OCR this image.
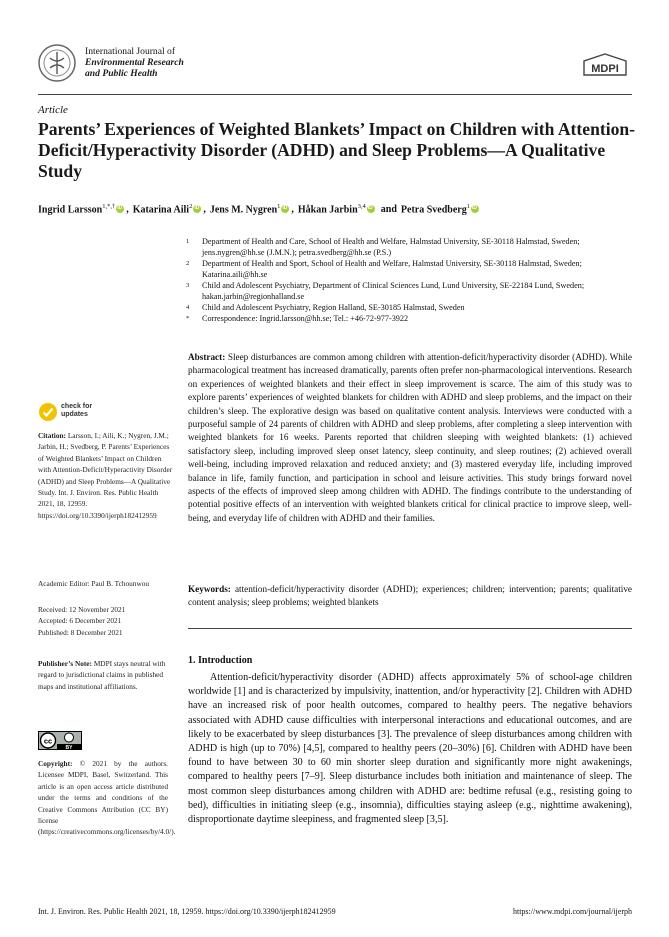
International Journal of
Environmental Research
and Public Health	MDPI
Article
Parents’ Experiences of Weighted Blankets’ Impact on Children with Attention-Deficit/Hyperactivity Disorder (ADHD) and Sleep Problems—A Qualitative Study
Ingrid Larsson$^{1,*,\dagger}$ iD , Katarina Aili$^2$ iD , Jens M. Nygren$^1$ iD , Håkan Jarbin$^{3,4}$ iD and Petra Svedberg$^1$iD
1	Department of Health and Care, School of Health and Welfare, Halmstad University, SE-30118 Halmstad, Sweden; jens.nygren@hh.se (J.M.N.); petra.svedberg@hh.se (P.S.)
2	Department of Health and Sport, School of Health and Welfare, Halmstad University, SE-30118 Halmstad, Sweden; Katarina.aili@hh.se
3	Child and Adolescent Psychiatry, Department of Clinical Sciences Lund, Lund University, SE-22184 Lund, Sweden; hakan.jarbin@regionhalland.se
4	Child and Adolescent Psychiatry, Region Halland, SE-30185 Halmstad, Sweden
*	Correspondence: Ingrid.larsson@hh.se; Tel.: +46-72-977-3922
Abstract: Sleep disturbances are common among children with attention-deficit/hyperactivity disorder (ADHD). While pharmacological treatment has increased dramatically, parents often prefer non-pharmacological interventions. Research on experiences of weighted blankets and their effect in sleep improvement is scarce. The aim of this study was to explore parents’ experiences of weighted blankets for children with ADHD and sleep problems, and the impact on their children’s sleep. The explorative design was based on qualitative content analysis. Interviews were conducted with a purposeful sample of 24 parents of children with ADHD and sleep problems, after completing a sleep intervention with weighted blankets for 16 weeks. Parents reported that children sleeping with weighted blankets: (1) achieved satisfactory sleep, including improved sleep onset latency, sleep continuity, and sleep routines; (2) achieved overall well-being, including improved relaxation and reduced anxiety; and (3) mastered everyday life, including improved balance in life, family function, and participation in school and leisure activities. This study brings forward novel aspects of the effects of improved sleep among children with ADHD. The findings contribute to the understanding of potential positive effects of an intervention with weighted blankets critical for clinical practice to improve sleep, well-being, and everyday life of children with ADHD and their families.
Keywords: attention-deficit/hyperactivity disorder (ADHD); experiences; children; intervention; parents; qualitative content analysis; sleep problems; weighted blankets
check for
updates

Citation: Larsson, I.; Aili, K.; Nygren, J.M.; Jarbin, H.; Svedberg, P. Parents’ Experiences of Weighted Blankets’ Impact on Children with Attention-Deficit/Hyperactivity Disorder (ADHD) and Sleep Problems—A Qualitative Study. Int. J. Environ. Res. Public Health 2021, 18, 12959. https://doi.org/10.3390/ijerph182412959

Academic Editor: Paul B. Tchounwou

Received: 12 November 2021

Accepted: 6 December 2021

Published: 8 December 2021

Publisher’s Note: MDPI stays neutral with regard to jurisdictional claims in published maps and institutional affiliations.

cc
BY

Copyright: © 2021 by the authors. Licensee MDPI, Basel, Switzerland. This article is an open access article distributed under the terms and conditions of the Creative Commons Attribution (CC BY) license (https://creativecommons.org/licenses/by/4.0/).

1. Introduction
Attention-deficit/hyperactivity disorder (ADHD) affects approximately 5% of school-age children worldwide [1] and is characterized by impulsivity, inattention, and/or hyperactivity [2]. Children with ADHD have an increased risk of poor health outcomes, compared to healthy peers. The negative behaviors associated with ADHD cause difficulties with interpersonal interactions and educational outcomes, and are likely to be exacerbated by sleep disturbances [3]. The prevalence of sleep disturbances among children with ADHD is high (up to 70%) [4,5], compared to healthy peers (20–30%) [6]. Children with ADHD have been found to have between 30 to 60 min shorter sleep duration and significantly more night awakenings, compared to healthy peers [7–9]. Sleep disturbance includes both initiation and maintenance of sleep. The most common sleep disturbances among children with ADHD are: bedtime refusal (e.g., resisting going to bed), difficulties in initiating sleep (e.g., insomnia), difficulties staying asleep (e.g., nighttime awakening), disproportionate daytime sleepiness, and fragmented sleep [3,5].
Int. J. Environ. Res. Public Health 2021, 18, 12959. https://doi.org/10.3390/ijerph182412959	https://www.mdpi.com/journal/ijerph
